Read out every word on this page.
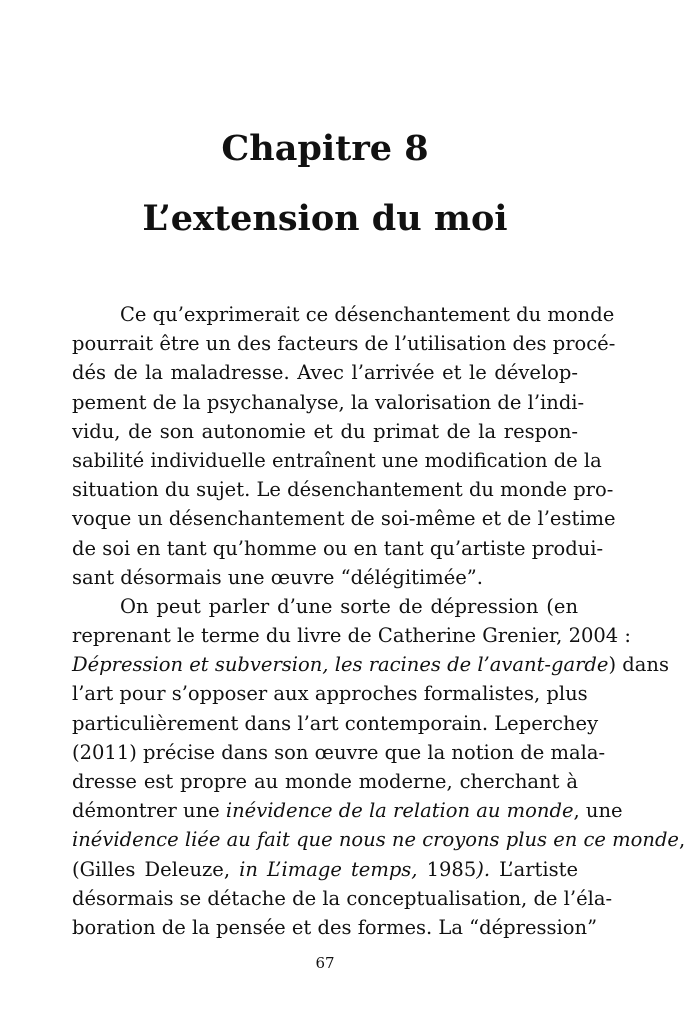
Chapitre 8
L’extension du moi
Ce qu’exprimerait ce désenchantement du monde
pourrait être un des facteurs de l’utilisation des procé-
dés de la maladresse. Avec l’arrivée et le dévelop-
pement de la psychanalyse, la valorisation de l’indi-
vidu, de son autonomie et du primat de la respon-
sabilité individuelle entraînent une modification de la
situation du sujet. Le désenchantement du monde pro-
voque un désenchantement de soi-même et de l’estime
de soi en tant qu’homme ou en tant qu’artiste produi-
sant désormais une œuvre “délégitimée”.
On peut parler d’une sorte de dépression (en
reprenant le terme du livre de Catherine Grenier, 2004 :
Dépression et subversion, les racines de l’avant-garde) dans
l’art pour s’opposer aux approches formalistes, plus
particulièrement dans l’art contemporain. Leperchey
(2011) précise dans son œuvre que la notion de mala-
dresse est propre au monde moderne, cherchant à
démontrer une inévidence de la relation au monde, une
inévidence liée au fait que nous ne croyons plus en ce monde,
(Gilles Deleuze, in L’image temps, 1985). L’artiste
désormais se détache de la conceptualisation, de l’éla-
boration de la pensée et des formes. La “dépression”
67
